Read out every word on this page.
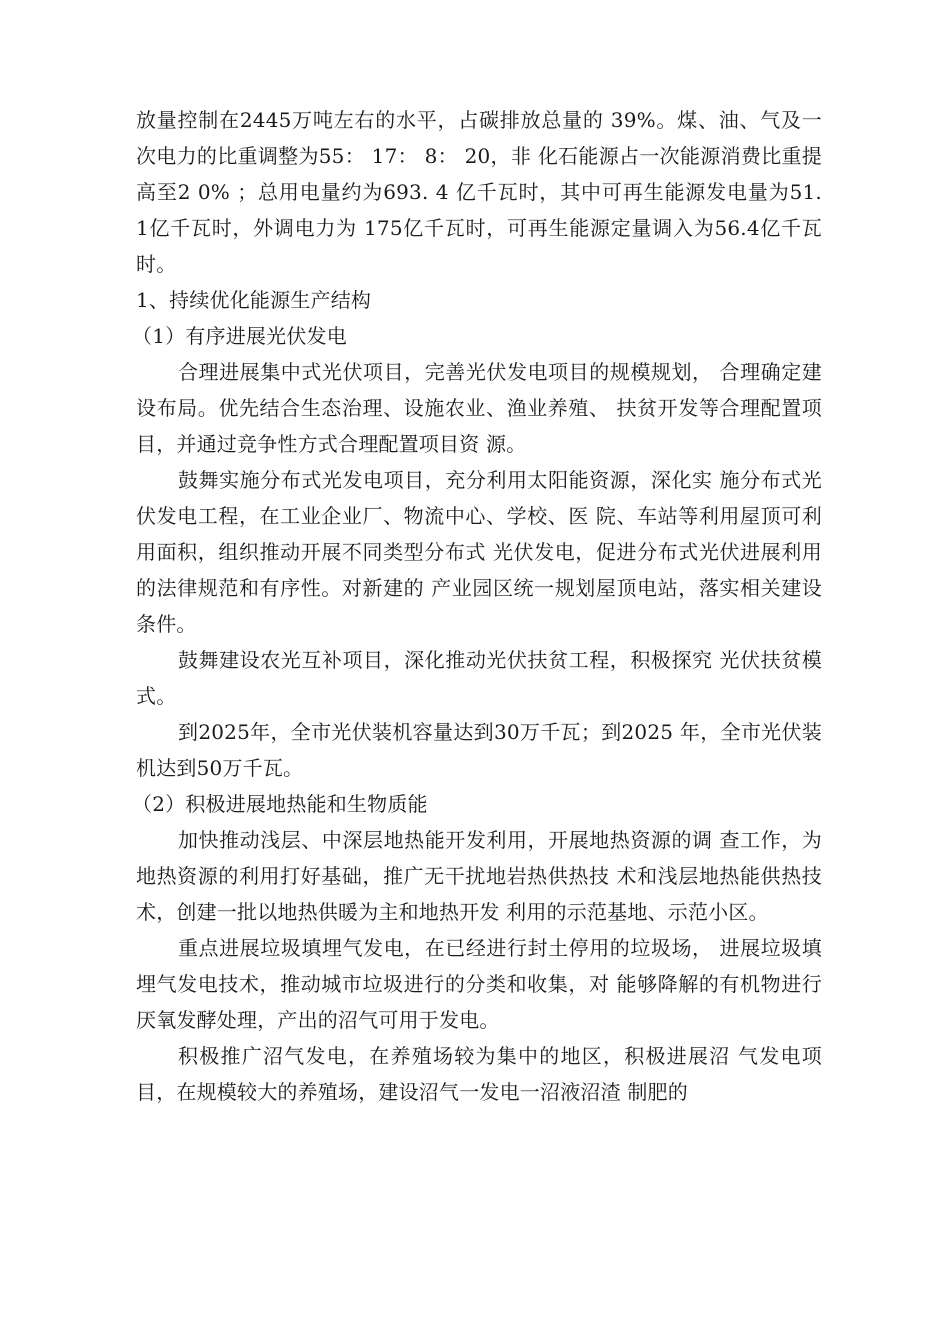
放量控制在2445万吨左右的水平，占碳排放总量的 39%。煤、油、气及一次电力的比重调整为55： 17： 8： 20，非 化石能源占一次能源消费比重提高至2 0% ；总用电量约为693. 4 亿千瓦时，其中可再生能源发电量为51. 1亿千瓦时，外调电力为 175亿千瓦时，可再生能源定量调入为56.4亿千瓦时。

1、持续优化能源生产结构

（1）有序进展光伏发电

合理进展集中式光伏项目，完善光伏发电项目的规模规划， 合理确定建设布局。优先结合生态治理、设施农业、渔业养殖、 扶贫开发等合理配置项目，并通过竞争性方式合理配置项目资 源。

鼓舞实施分布式光发电项目，充分利用太阳能资源，深化实 施分布式光伏发电工程，在工业企业厂、物流中心、学校、医 院、车站等利用屋顶可利用面积，组织推动开展不同类型分布式 光伏发电，促进分布式光伏进展利用的法律规范和有序性。对新建的 产业园区统一规划屋顶电站，落实相关建设条件。

鼓舞建设农光互补项目，深化推动光伏扶贫工程，积极探究 光伏扶贫模式。

到2025年，全市光伏装机容量达到30万千瓦；到2025 年，全市光伏装机达到50万千瓦。

（2）积极进展地热能和生物质能

加快推动浅层、中深层地热能开发利用，开展地热资源的调 查工作，为地热资源的利用打好基础，推广无干扰地岩热供热技 术和浅层地热能供热技术，创建一批以地热供暖为主和地热开发 利用的示范基地、示范小区。

重点进展垃圾填埋气发电，在已经进行封土停用的垃圾场， 进展垃圾填埋气发电技术，推动城市垃圾进行的分类和收集，对 能够降解的有机物进行厌氧发酵处理，产出的沼气可用于发电。

积极推广沼气发电，在养殖场较为集中的地区，积极进展沼 气发电项目，在规模较大的养殖场，建设沼气一发电一沼液沼渣 制肥的
